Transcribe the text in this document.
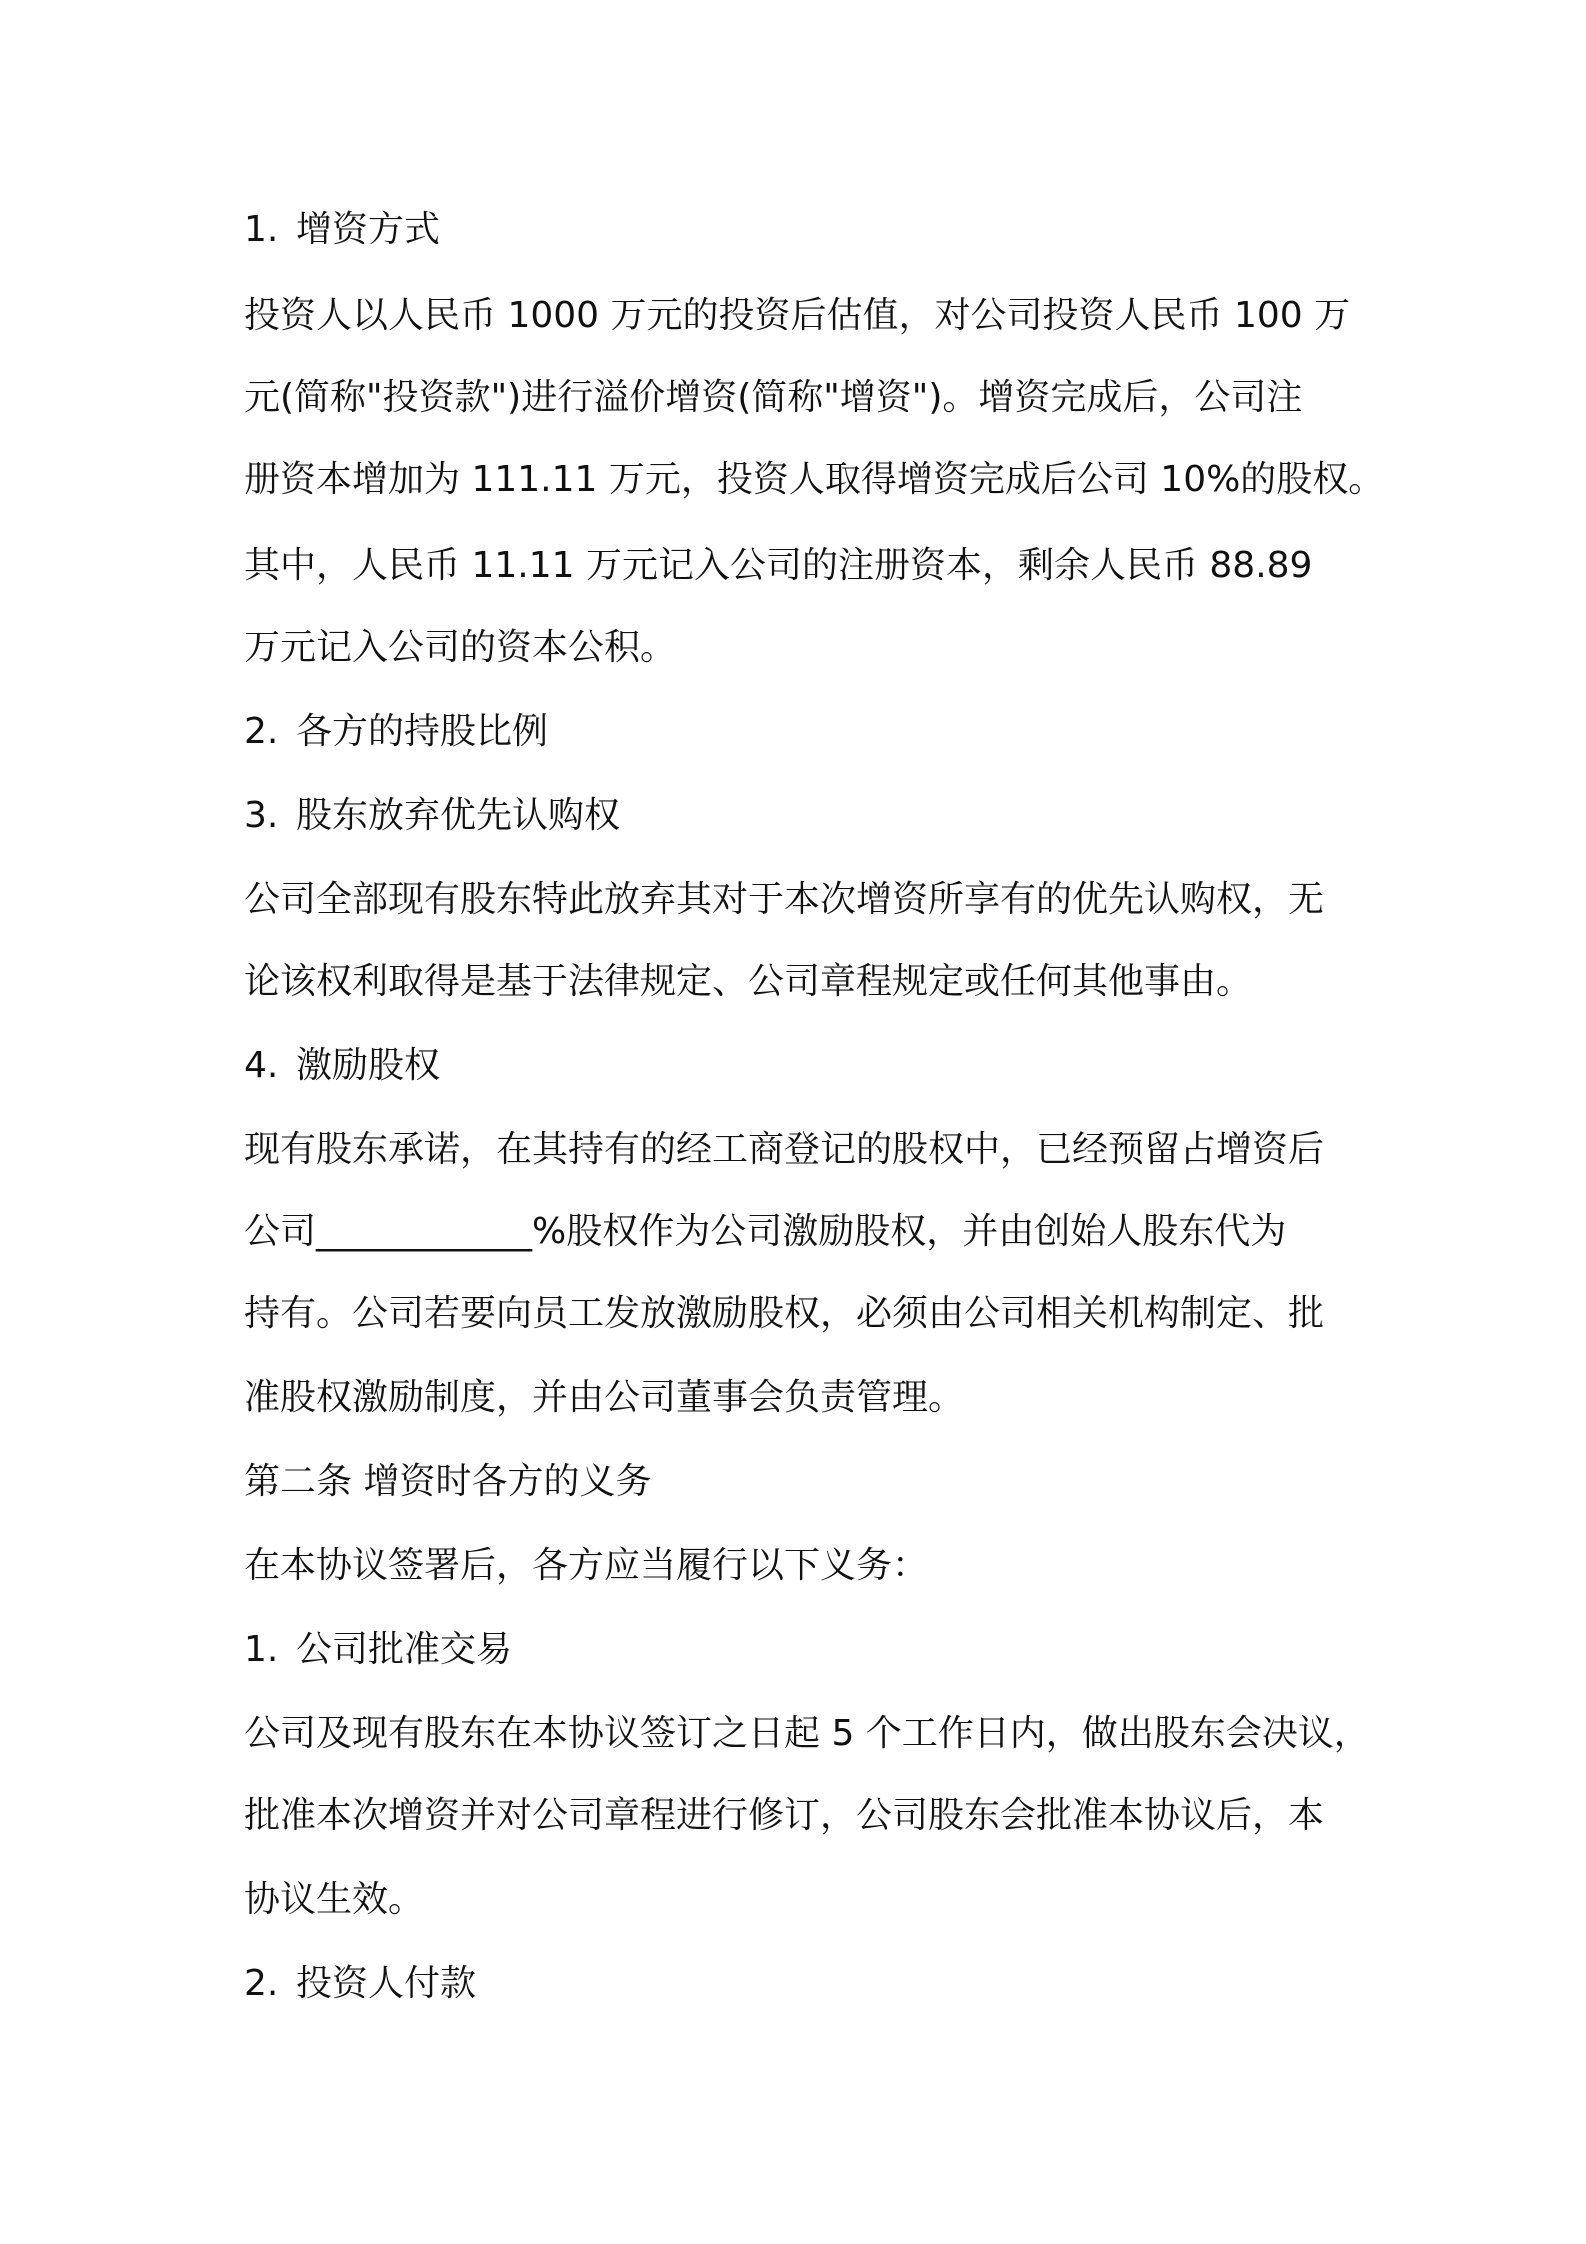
1. 增资方式
投资人以人民币 1000 万元的投资后估值，对公司投资人民币 100 万
元(简称"投资款")进行溢价增资(简称"增资")。增资完成后，公司注
册资本增加为 111.11 万元，投资人取得增资完成后公司 10%的股权。
其中，人民币 11.11 万元记入公司的注册资本，剩余人民币 88.89
万元记入公司的资本公积。
2. 各方的持股比例
3. 股东放弃优先认购权
公司全部现有股东特此放弃其对于本次增资所享有的优先认购权，无
论该权利取得是基于法律规定、公司章程规定或任何其他事由。
4. 激励股权
现有股东承诺，在其持有的经工商登记的股权中，已经预留占增资后
公司____________%股权作为公司激励股权，并由创始人股东代为
持有。公司若要向员工发放激励股权，必须由公司相关机构制定、批
准股权激励制度，并由公司董事会负责管理。
第二条 增资时各方的义务
在本协议签署后，各方应当履行以下义务：
1. 公司批准交易
公司及现有股东在本协议签订之日起 5 个工作日内，做出股东会决议，
批准本次增资并对公司章程进行修订，公司股东会批准本协议后，本
协议生效。
2. 投资人付款
